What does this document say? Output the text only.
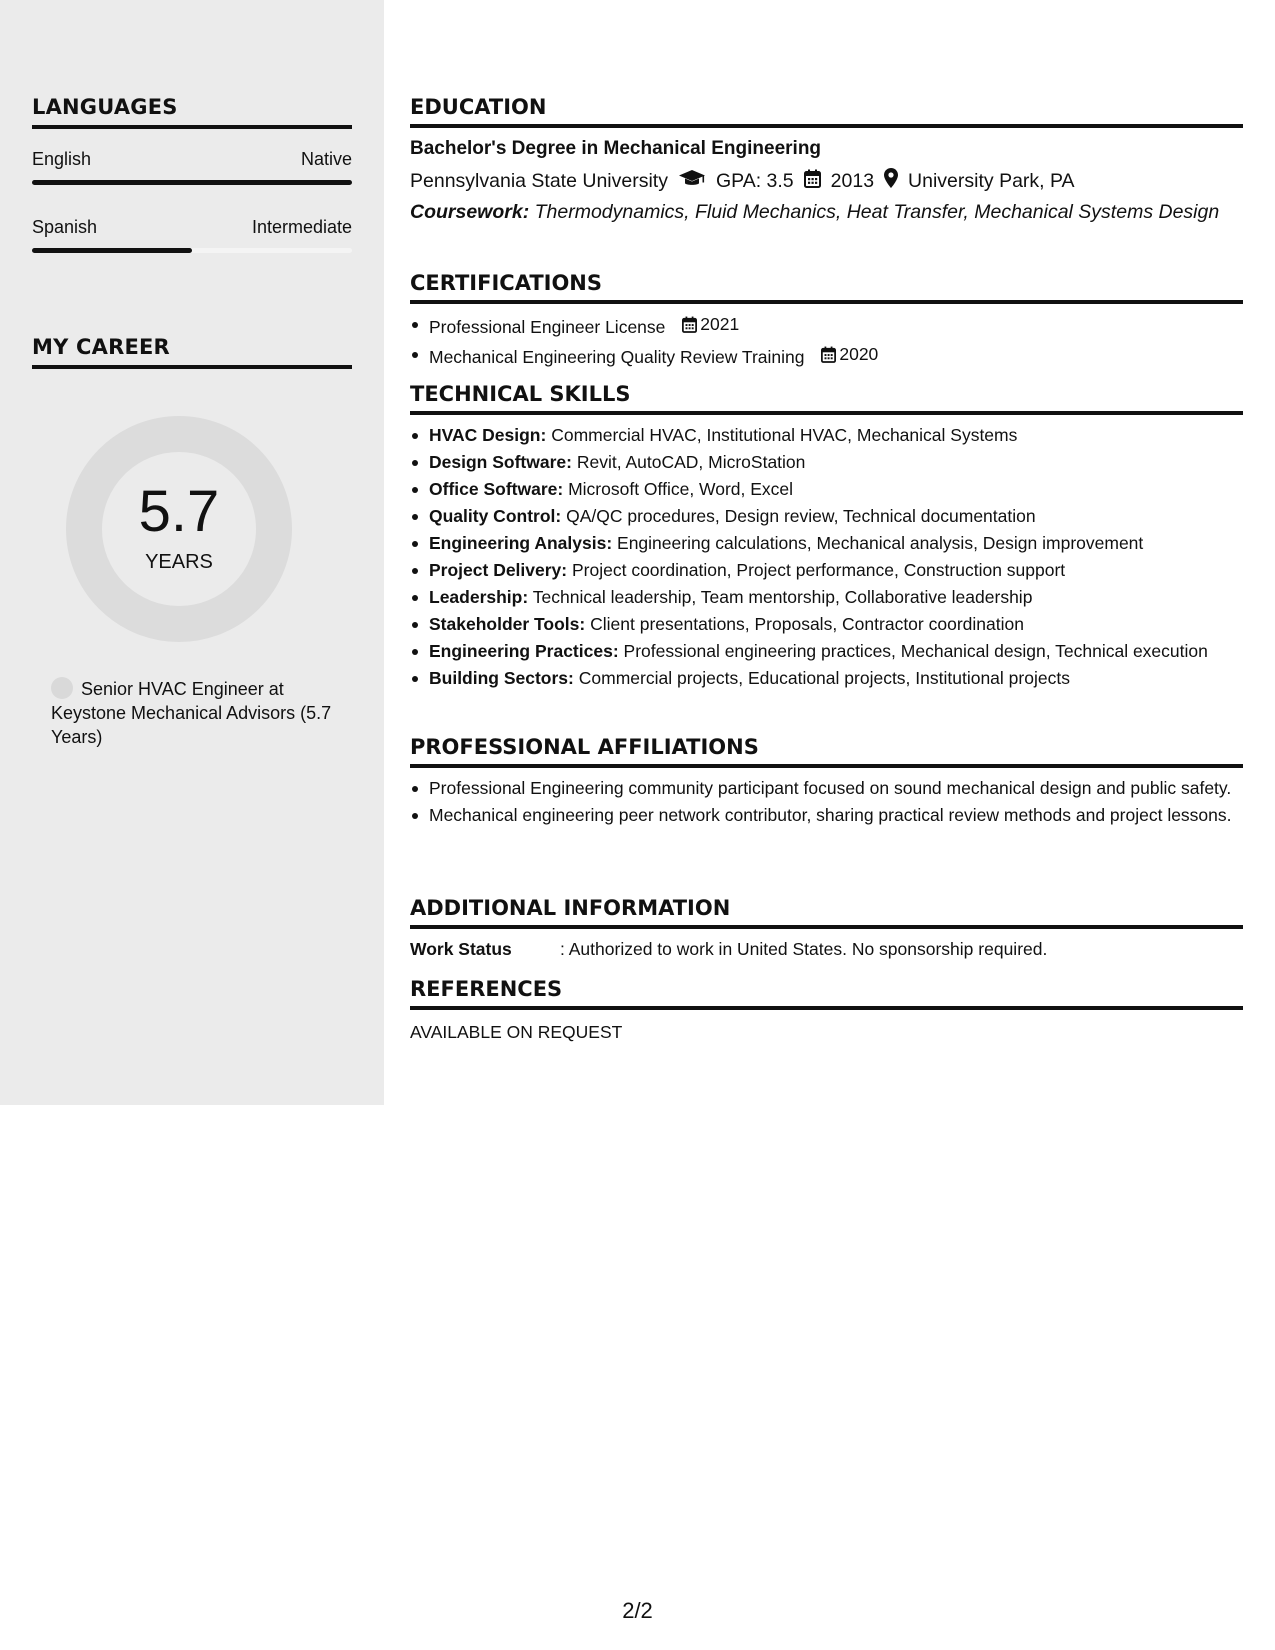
LANGUAGES
English	Native
Spanish	Intermediate
MY CAREER
5.7
YEARS
Senior HVAC Engineer at Keystone Mechanical Advisors (5.7 Years)
EDUCATION
Bachelor's Degree in Mechanical Engineering
Pennsylvania State University GPA: 3.5 2013 University Park, PA
Coursework: Thermodynamics, Fluid Mechanics, Heat Transfer, Mechanical Systems Design
CERTIFICATIONS
Professional Engineer License 2021
Mechanical Engineering Quality Review Training 2020
TECHNICAL SKILLS
HVAC Design: Commercial HVAC, Institutional HVAC, Mechanical Systems
Design Software: Revit, AutoCAD, MicroStation
Office Software: Microsoft Office, Word, Excel
Quality Control: QA/QC procedures, Design review, Technical documentation
Engineering Analysis: Engineering calculations, Mechanical analysis, Design improvement
Project Delivery: Project coordination, Project performance, Construction support
Leadership: Technical leadership, Team mentorship, Collaborative leadership
Stakeholder Tools: Client presentations, Proposals, Contractor coordination
Engineering Practices: Professional engineering practices, Mechanical design, Technical execution
Building Sectors: Commercial projects, Educational projects, Institutional projects
PROFESSIONAL AFFILIATIONS
Professional Engineering community participant focused on sound mechanical design and public safety.
Mechanical engineering peer network contributor, sharing practical review methods and project lessons.
ADDITIONAL INFORMATION
Work Status	: Authorized to work in United States. No sponsorship required.
REFERENCES
AVAILABLE ON REQUEST
2/2
